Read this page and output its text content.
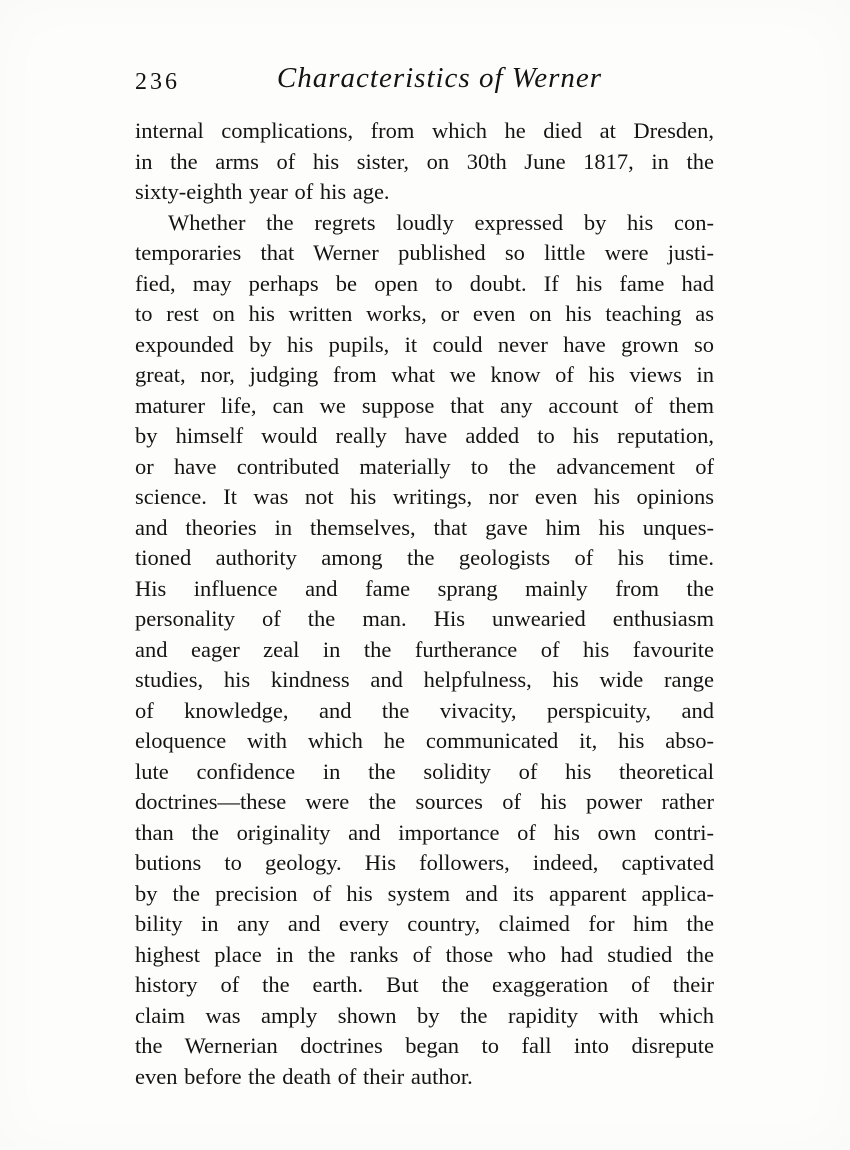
236	Characteristics of Werner
internal complications, from which he died at Dresden,
in the arms of his sister, on 30th June 1817, in the
sixty-eighth year of his age.
Whether the regrets loudly expressed by his con-
temporaries that Werner published so little were justi-
fied, may perhaps be open to doubt. If his fame had
to rest on his written works, or even on his teaching as
expounded by his pupils, it could never have grown so
great, nor, judging from what we know of his views in
maturer life, can we suppose that any account of them
by himself would really have added to his reputation,
or have contributed materially to the advancement of
science. It was not his writings, nor even his opinions
and theories in themselves, that gave him his unques-
tioned authority among the geologists of his time.
His influence and fame sprang mainly from the
personality of the man. His unwearied enthusiasm
and eager zeal in the furtherance of his favourite
studies, his kindness and helpfulness, his wide range
of knowledge, and the vivacity, perspicuity, and
eloquence with which he communicated it, his abso-
lute confidence in the solidity of his theoretical
doctrines—these were the sources of his power rather
than the originality and importance of his own contri-
butions to geology. His followers, indeed, captivated
by the precision of his system and its apparent applica-
bility in any and every country, claimed for him the
highest place in the ranks of those who had studied the
history of the earth. But the exaggeration of their
claim was amply shown by the rapidity with which
the Wernerian doctrines began to fall into disrepute
even before the death of their author.
